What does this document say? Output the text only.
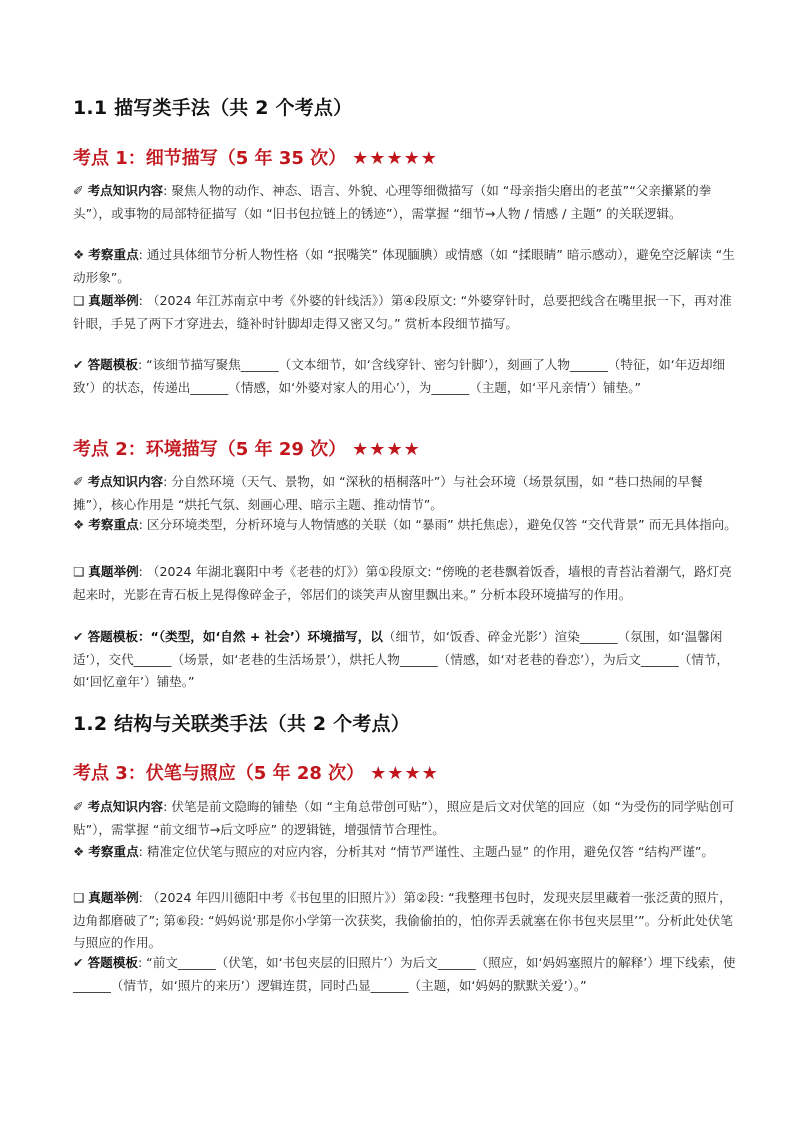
1.1 描写类手法（共 2 个考点）
考点 1：细节描写（5 年 35 次） ★★★★★
✐ 考点知识内容: 聚焦人物的动作、神态、语言、外貌、心理等细微描写（如 “母亲指尖磨出的老茧”“父亲攥紧的拳头”），或事物的局部特征描写（如 “旧书包拉链上的锈迹”），需掌握 “细节→人物 / 情感 / 主题” 的关联逻辑。
❖ 考察重点: 通过具体细节分析人物性格（如 “抿嘴笑” 体现腼腆）或情感（如 “揉眼睛” 暗示感动），避免空泛解读 “生动形象”。
❑ 真题举例: （2024 年江苏南京中考《外婆的针线活》）第④段原文: “外婆穿针时，总要把线含在嘴里抿一下，再对准针眼，手晃了两下才穿进去，缝补时针脚却走得又密又匀。” 赏析本段细节描写。
✔ 答题模板: “该细节描写聚焦______（文本细节，如‘含线穿针、密匀针脚’），刻画了人物______（特征，如‘年迈却细致’）的状态，传递出______（情感，如‘外婆对家人的用心’），为______（主题，如‘平凡亲情’）铺垫。”
考点 2：环境描写（5 年 29 次） ★★★★
✐ 考点知识内容: 分自然环境（天气、景物，如 “深秋的梧桐落叶”）与社会环境（场景氛围，如 “巷口热闹的早餐摊”），核心作用是 “烘托气氛、刻画心理、暗示主题、推动情节”。
❖ 考察重点: 区分环境类型，分析环境与人物情感的关联（如 “暴雨” 烘托焦虑），避免仅答 “交代背景” 而无具体指向。
❑ 真题举例: （2024 年湖北襄阳中考《老巷的灯》）第①段原文: “傍晚的老巷飘着饭香，墙根的青苔沾着潮气，路灯亮起来时，光影在青石板上晃得像碎金子，邻居们的谈笑声从窗里飘出来。” 分析本段环境描写的作用。
✔ 答题模板：“（类型，如‘自然 + 社会’）环境描写，以（细节，如‘饭香、碎金光影’）渲染______（氛围，如‘温馨闲适’），交代______（场景，如‘老巷的生活场景’），烘托人物______（情感，如‘对老巷的眷恋’），为后文______（情节，如‘回忆童年’）铺垫。”
1.2 结构与关联类手法（共 2 个考点）
考点 3：伏笔与照应（5 年 28 次） ★★★★
✐ 考点知识内容: 伏笔是前文隐晦的铺垫（如 “主角总带创可贴”），照应是后文对伏笔的回应（如 “为受伤的同学贴创可贴”），需掌握 “前文细节→后文呼应” 的逻辑链，增强情节合理性。
❖ 考察重点: 精准定位伏笔与照应的对应内容，分析其对 “情节严谨性、主题凸显” 的作用，避免仅答 “结构严谨”。
❑ 真题举例: （2024 年四川德阳中考《书包里的旧照片》）第②段: “我整理书包时，发现夹层里藏着一张泛黄的照片，边角都磨破了”; 第⑥段: “妈妈说‘那是你小学第一次获奖，我偷偷拍的，怕你弄丢就塞在你书包夹层里’”。分析此处伏笔与照应的作用。
✔ 答题模板: “前文______（伏笔，如‘书包夹层的旧照片’）为后文______（照应，如‘妈妈塞照片的解释’）埋下线索，使______（情节，如‘照片的来历’）逻辑连贯，同时凸显______（主题，如‘妈妈的默默关爱’）。”
